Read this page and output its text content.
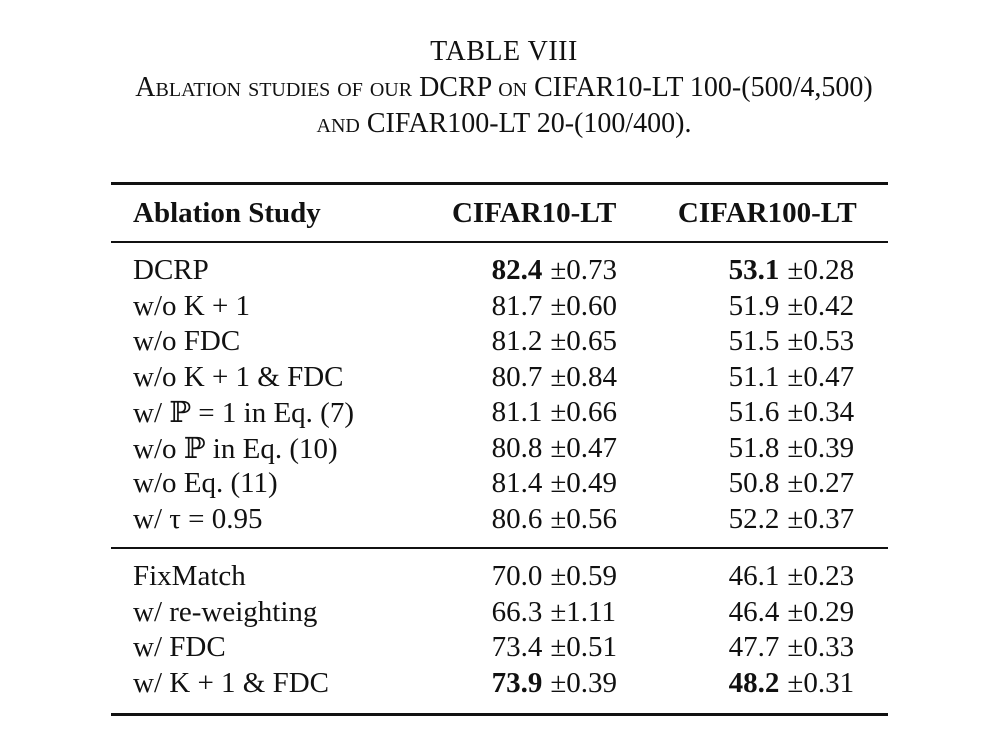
TABLE VIII
Ablation studies of our DCRP on CIFAR10-LT 100-(500/4,500)
and CIFAR100-LT 20-(100/400).
Ablation Study	CIFAR10-LT	CIFAR100-LT
DCRP	82.4 ±0.73	53.1 ±0.28
w/o K + 1	81.7 ±0.60	51.9 ±0.42
w/o FDC	81.2 ±0.65	51.5 ±0.53
w/o K + 1 & FDC	80.7 ±0.84	51.1 ±0.47
w/ ℙ = 1 in Eq. (7)	81.1 ±0.66	51.6 ±0.34
w/o ℙ in Eq. (10)	80.8 ±0.47	51.8 ±0.39
w/o Eq. (11)	81.4 ±0.49	50.8 ±0.27
w/ τ = 0.95	80.6 ±0.56	52.2 ±0.37
FixMatch	70.0 ±0.59	46.1 ±0.23
w/ re-weighting	66.3 ±1.11	46.4 ±0.29
w/ FDC	73.4 ±0.51	47.7 ±0.33
w/ K + 1 & FDC	73.9 ±0.39	48.2 ±0.31
